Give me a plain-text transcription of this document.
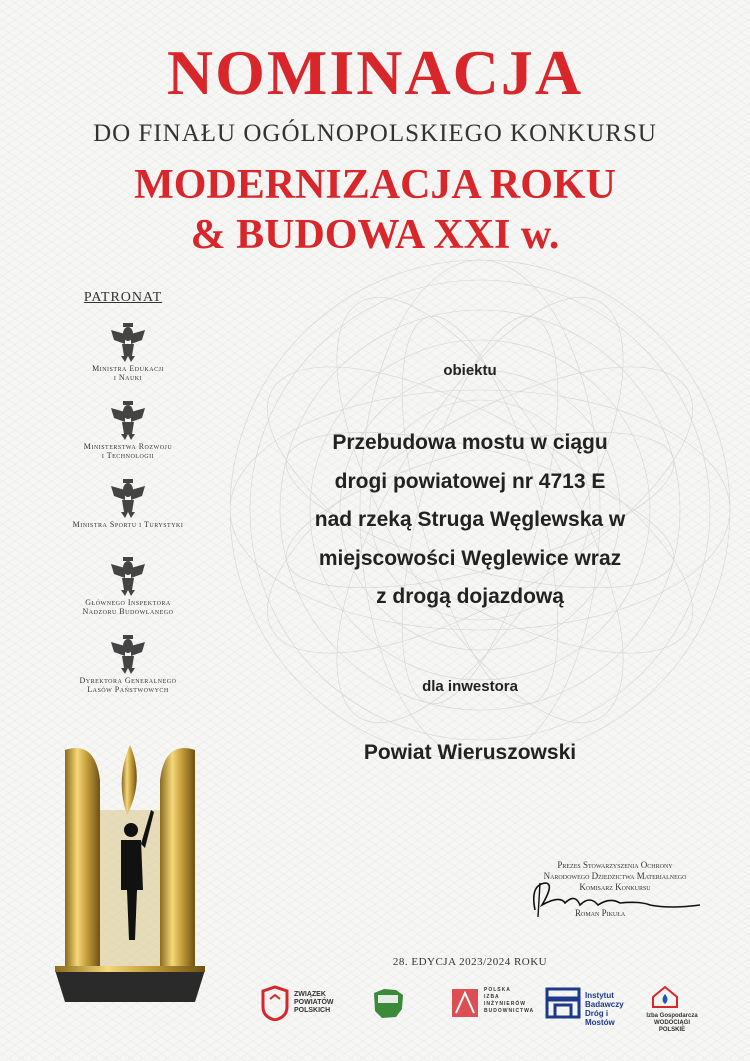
NOMINACJA
DO FINAŁU OGÓLNOPOLSKIEGO KONKURSU
MODERNIZACJA ROKU
& BUDOWA XXI w.
PATRONAT
Ministra Edukacji
i Nauki
Ministerstwa Rozwoju
i Technologii
Ministra Sportu i Turystyki
Głównego Inspektora
Nadzoru Budowlanego
Dyrektora Generalnego
Lasów Państwowych
obiektu
Przebudowa mostu w ciągu
drogi powiatowej nr 4713 E
nad rzeką Struga Węglewska w
miejscowości Węglewice wraz
z drogą dojazdową
dla inwestora
Powiat Wieruszowski
Prezes Stowarzyszenia Ochrony
Narodowego Dziedzictwa Materialnego
Komisarz Konkursu
Roman Pikuła
28. EDYCJA 2023/2024 ROKU
ZWIĄZEK
POWIATÓW
POLSKICH
POLSKA
IZBA
INŻYNIERÓW
BUDOWNICTWA
Instytut
Badawczy
Dróg i Mostów
Izba Gospodarcza WODOCIĄGI POLSKIE
